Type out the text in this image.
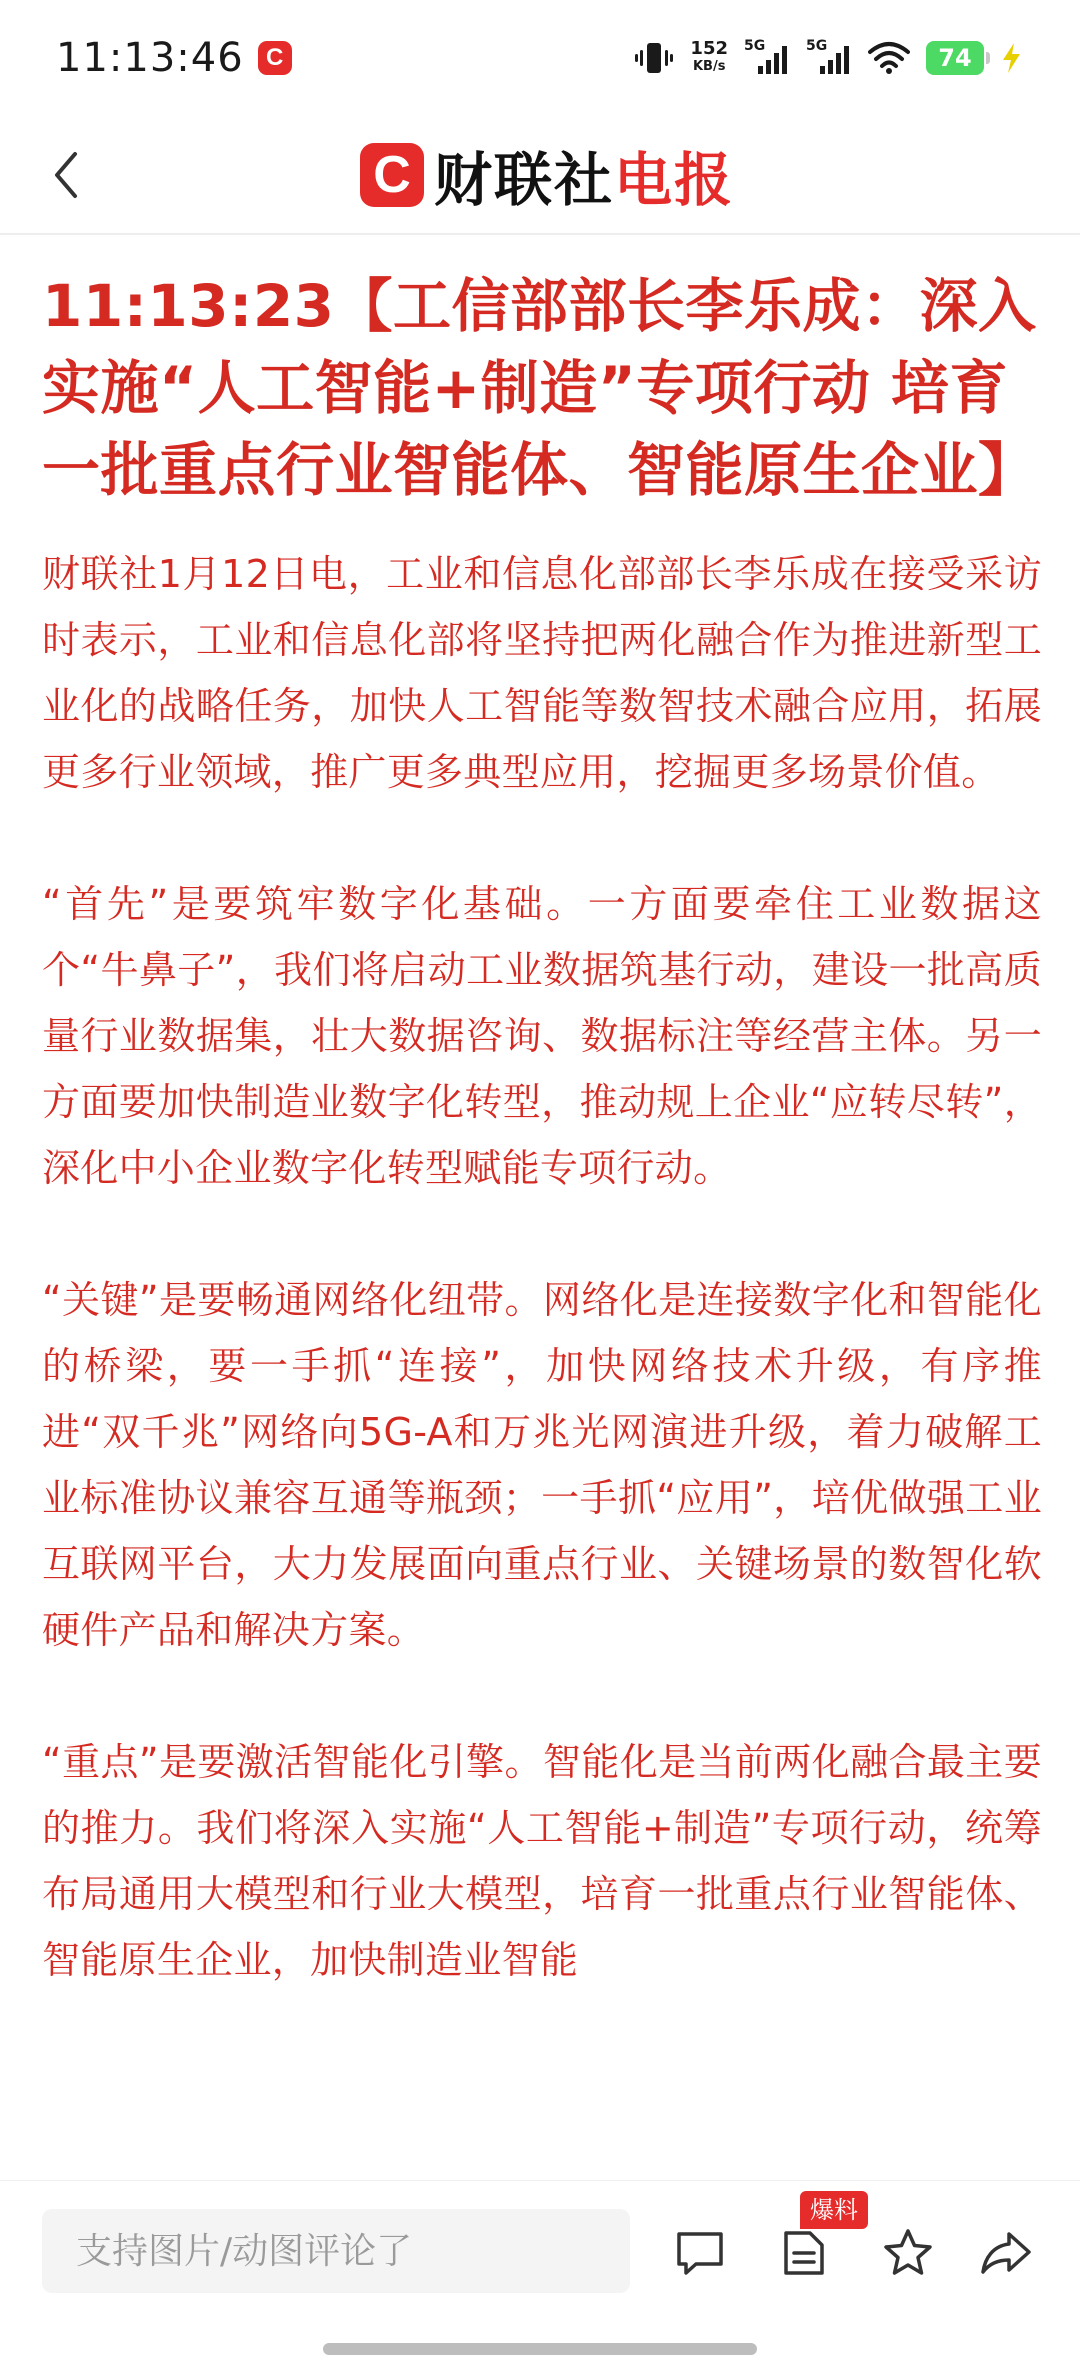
11:13:46 C	152
KB/s
5G	5G	74
C 财联社电报
11:13:23【工信部部长李乐成：深入实施“人工智能+制造”专项行动 培育一批重点行业智能体、智能原生企业】

财联社1月12日电，工业和信息化部部长李乐成在接受采访时表示，工业和信息化部将坚持把两化融合作为推进新型工业化的战略任务，加快人工智能等数智技术融合应用，拓展更多行业领域，推广更多典型应用，挖掘更多场景价值。

“首先”是要筑牢数字化基础。一方面要牵住工业数据这个“牛鼻子”，我们将启动工业数据筑基行动，建设一批高质量行业数据集，壮大数据咨询、数据标注等经营主体。另一方面要加快制造业数字化转型，推动规上企业“应转尽转”，深化中小企业数字化转型赋能专项行动。

“关键”是要畅通网络化纽带。网络化是连接数字化和智能化的桥梁，要一手抓“连接”，加快网络技术升级，有序推进“双千兆”网络向5G-A和万兆光网演进升级，着力破解工业标准协议兼容互通等瓶颈；一手抓“应用”，培优做强工业互联网平台，大力发展面向重点行业、关键场景的数智化软硬件产品和解决方案。

“重点”是要激活智能化引擎。智能化是当前两化融合最主要的推力。我们将深入实施“人工智能+制造”专项行动，统筹布局通用大模型和行业大模型，培育一批重点行业智能体、智能原生企业，加快制造业智能

支持图片/动图评论了
爆料
